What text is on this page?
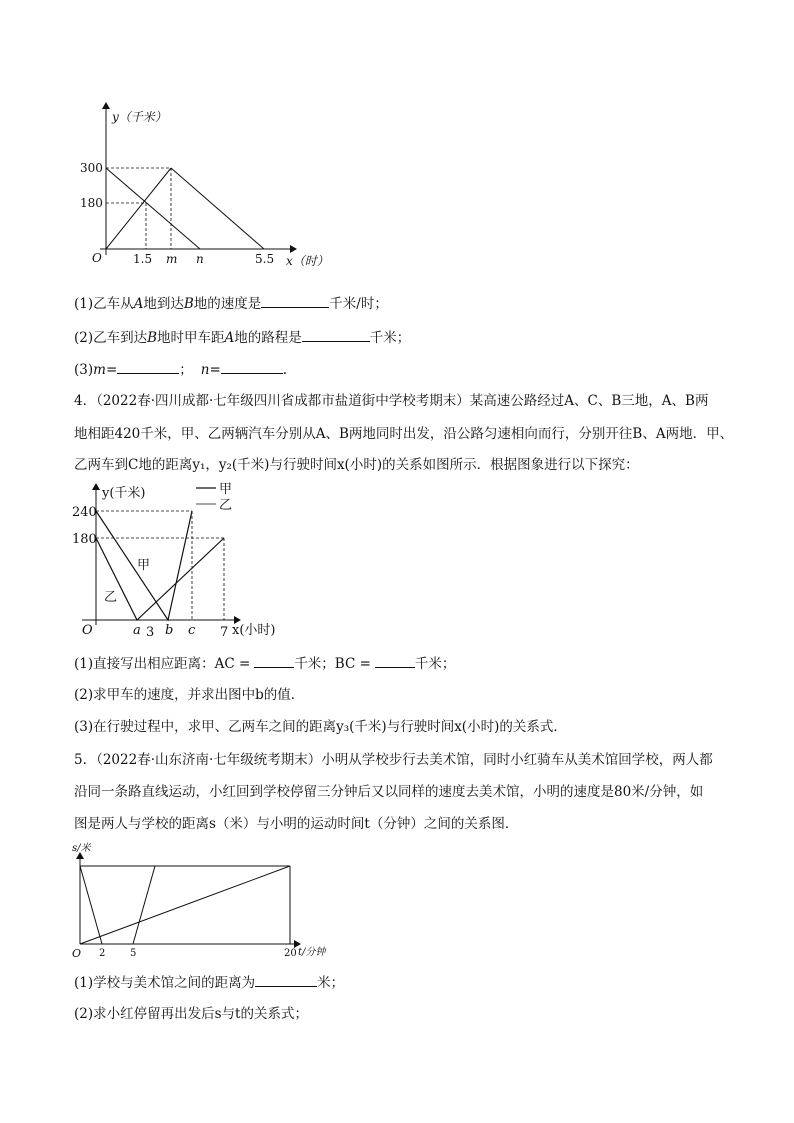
y（千米）
x（时）
O
300
180
1.5 m n	5.5
(1)乙车从A地到达B地的速度是	千米/时；
(2)乙车到达B地时甲车距A地的路程是	千米；
(3)m=	； n=	.
4．（2022春·四川成都·七年级四川省成都市盐道街中学校考期末）某高速公路经过A、C、B三地，A、B两
地相距420千米，甲、乙两辆汽车分别从A、B两地同时出发，沿公路匀速相向而行，分别开往B、A两地．甲、
乙两车到C地的距离y₁，y₂(千米)与行驶时间x(小时)的关系如图所示．根据图象进行以下探究：
甲
乙
y(千米)
x(小时)
O
240
180
a 3 b c 7
甲
乙
(1)直接写出相应距离：AC =	千米；BC =	千米；
(2)求甲车的速度，并求出图中b的值．
(3)在行驶过程中，求甲、乙两车之间的距离y₃(千米)与行驶时间x(小时)的关系式．
5．（2022春·山东济南·七年级统考期末）小明从学校步行去美术馆，同时小红骑车从美术馆回学校，两人都
沿同一条路直线运动，小红回到学校停留三分钟后又以同样的速度去美术馆，小明的速度是80米/分钟，如
图是两人与学校的距离s（米）与小明的运动时间t（分钟）之间的关系图．
s/米
t/分钟
O 2 5	20
(1)学校与美术馆之间的距离为	米；
(2)求小红停留再出发后s与t的关系式；
